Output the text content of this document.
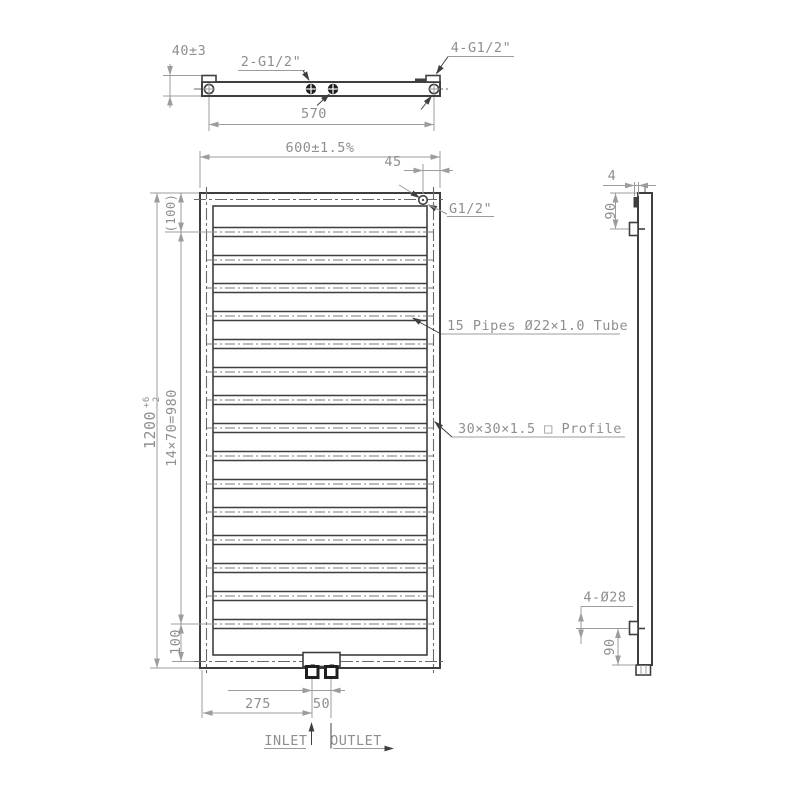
40±3
2-G1/2"
4-G1/2"
570
600±1.5%
45
G1/2"
1200
+6 -2
(100)
14×70=980
100
15 Pipes Ø22×1.0 Tube
30×30×1.5 □ Profile
275	50
INLET OUTLET
4
90
4-Ø28
90
